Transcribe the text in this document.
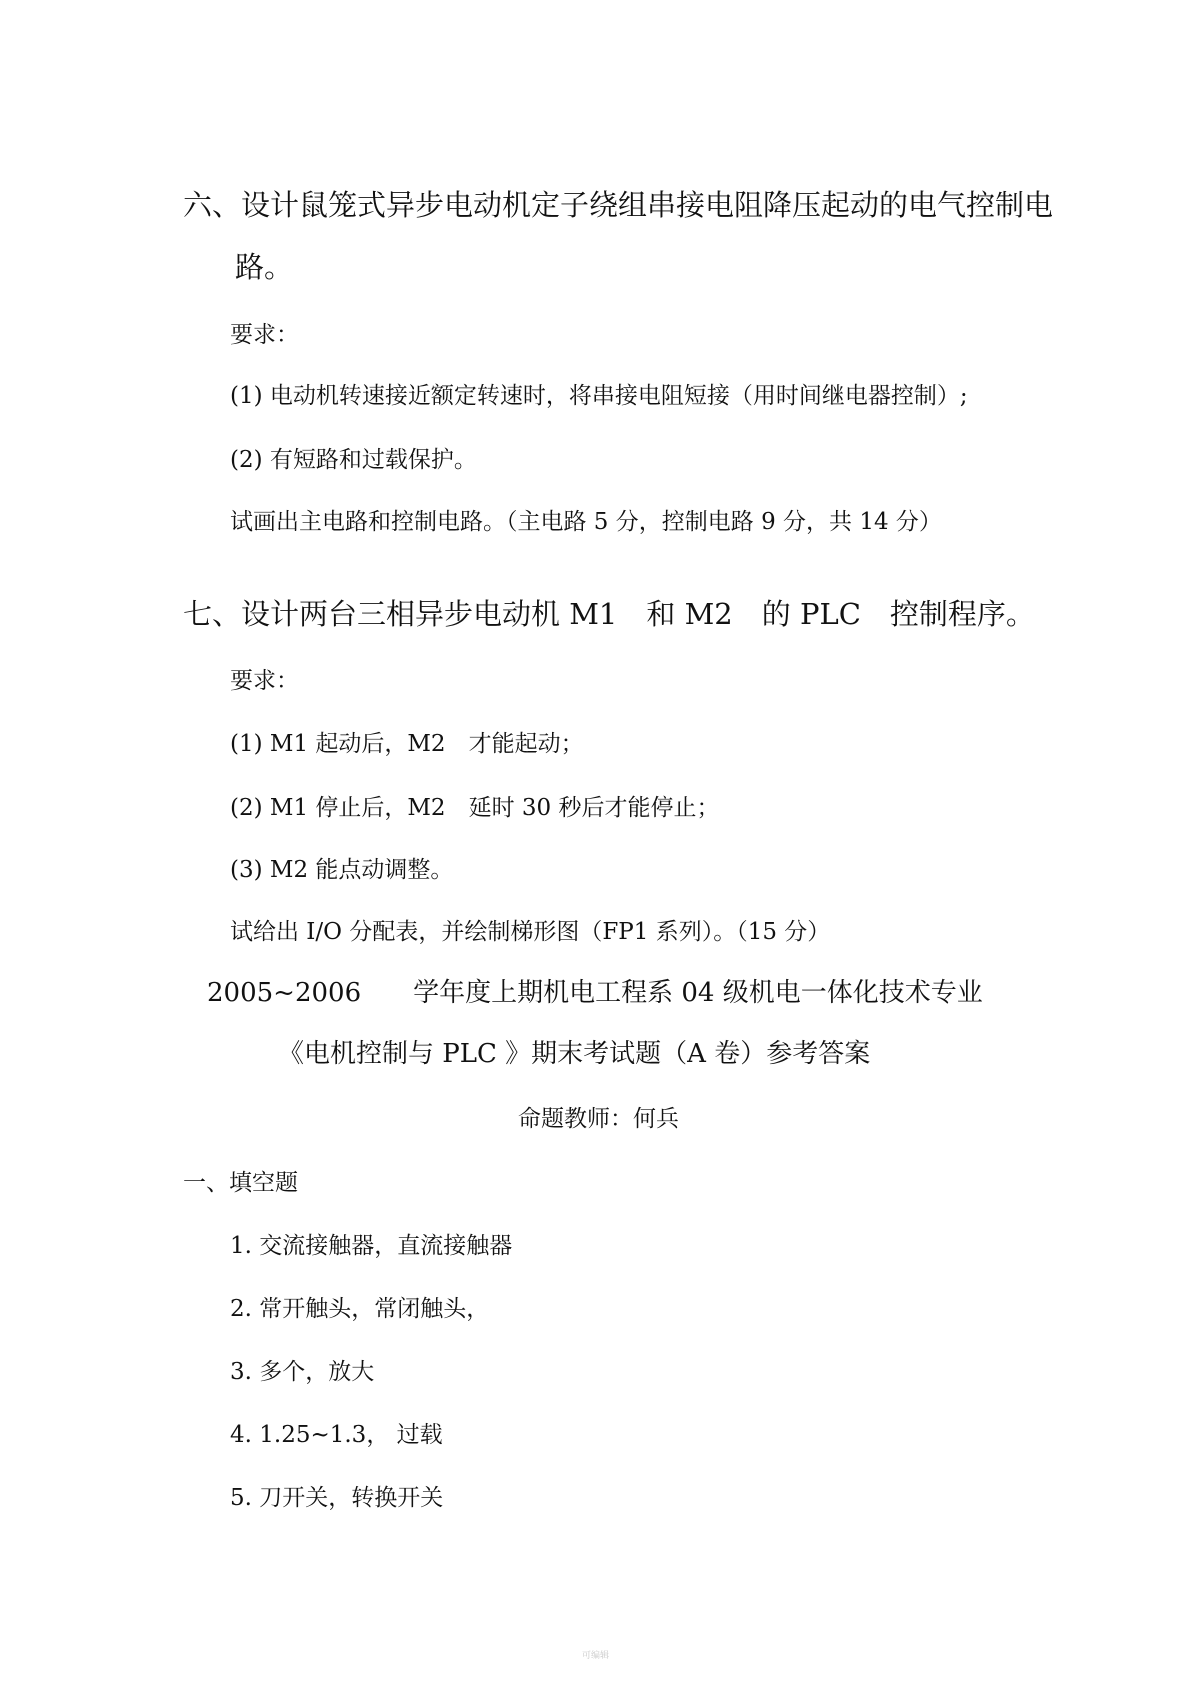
六、设计鼠笼式异步电动机定子绕组串接电阻降压起动的电气控制电
路。
要求：
(1) 电动机转速接近额定转速时，将串接电阻短接（用时间继电器控制）;
(2) 有短路和过载保护。
试画出主电路和控制电路。（主电路 5 分，控制电路 9 分，共 14 分）
七、设计两台三相异步电动机 M1　和 M2　的 PLC　控制程序。
要求：
(1) M1 起动后，M2　才能起动；
(2) M1 停止后，M2　延时 30 秒后才能停止；
(3) M2 能点动调整。
试给出 I/O 分配表，并绘制梯形图（FP1 系列）。（15 分）
2005~2006　　学年度上期机电工程系 04 级机电一体化技术专业
《电机控制与 PLC 》期末考试题（A 卷）参考答案
命题教师：何兵
一、填空题
1. 交流接触器，直流接触器
2. 常开触头，常闭触头，
3. 多个，放大
4. 1.25~1.3， 过载
5. 刀开关，转换开关
可编辑
